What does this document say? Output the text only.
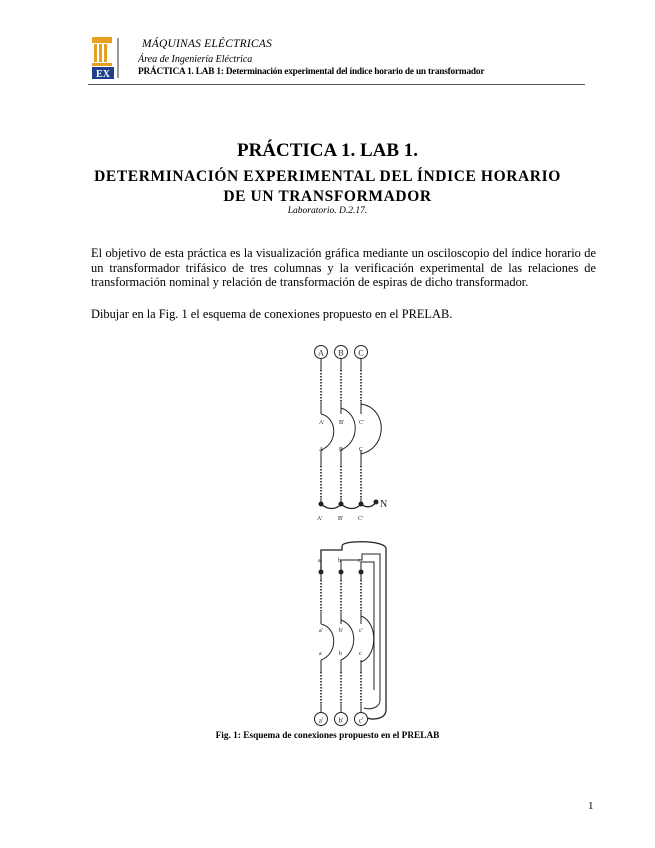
EX
MÁQUINAS ELÉCTRICAS
Área de Ingeniería Eléctrica
PRÁCTICA 1. LAB 1: Determinación experimental del índice horario de un transformador
PRÁCTICA 1. LAB 1.
DETERMINACIÓN EXPERIMENTAL DEL ÍNDICE HORARIO
DE UN TRANSFORMADOR
Laboratorio. D.2.17.
El objetivo de esta práctica es la visualización gráfica mediante un osciloscopio del índice horario de un transformador trifásico de tres columnas y la verificación experimental de las relaciones de transformación nominal y relación de transformación de espiras de dicho transformador.
Dibujar en la Fig. 1 el esquema de conexiones propuesto en el PRELAB.
A B C
A' B' C'
A	B	C
N
A'	B' C'
a	b	c
a'	b'	c'
a	b	c
a' b' c'
Fig. 1: Esquema de conexiones propuesto en el PRELAB
1
